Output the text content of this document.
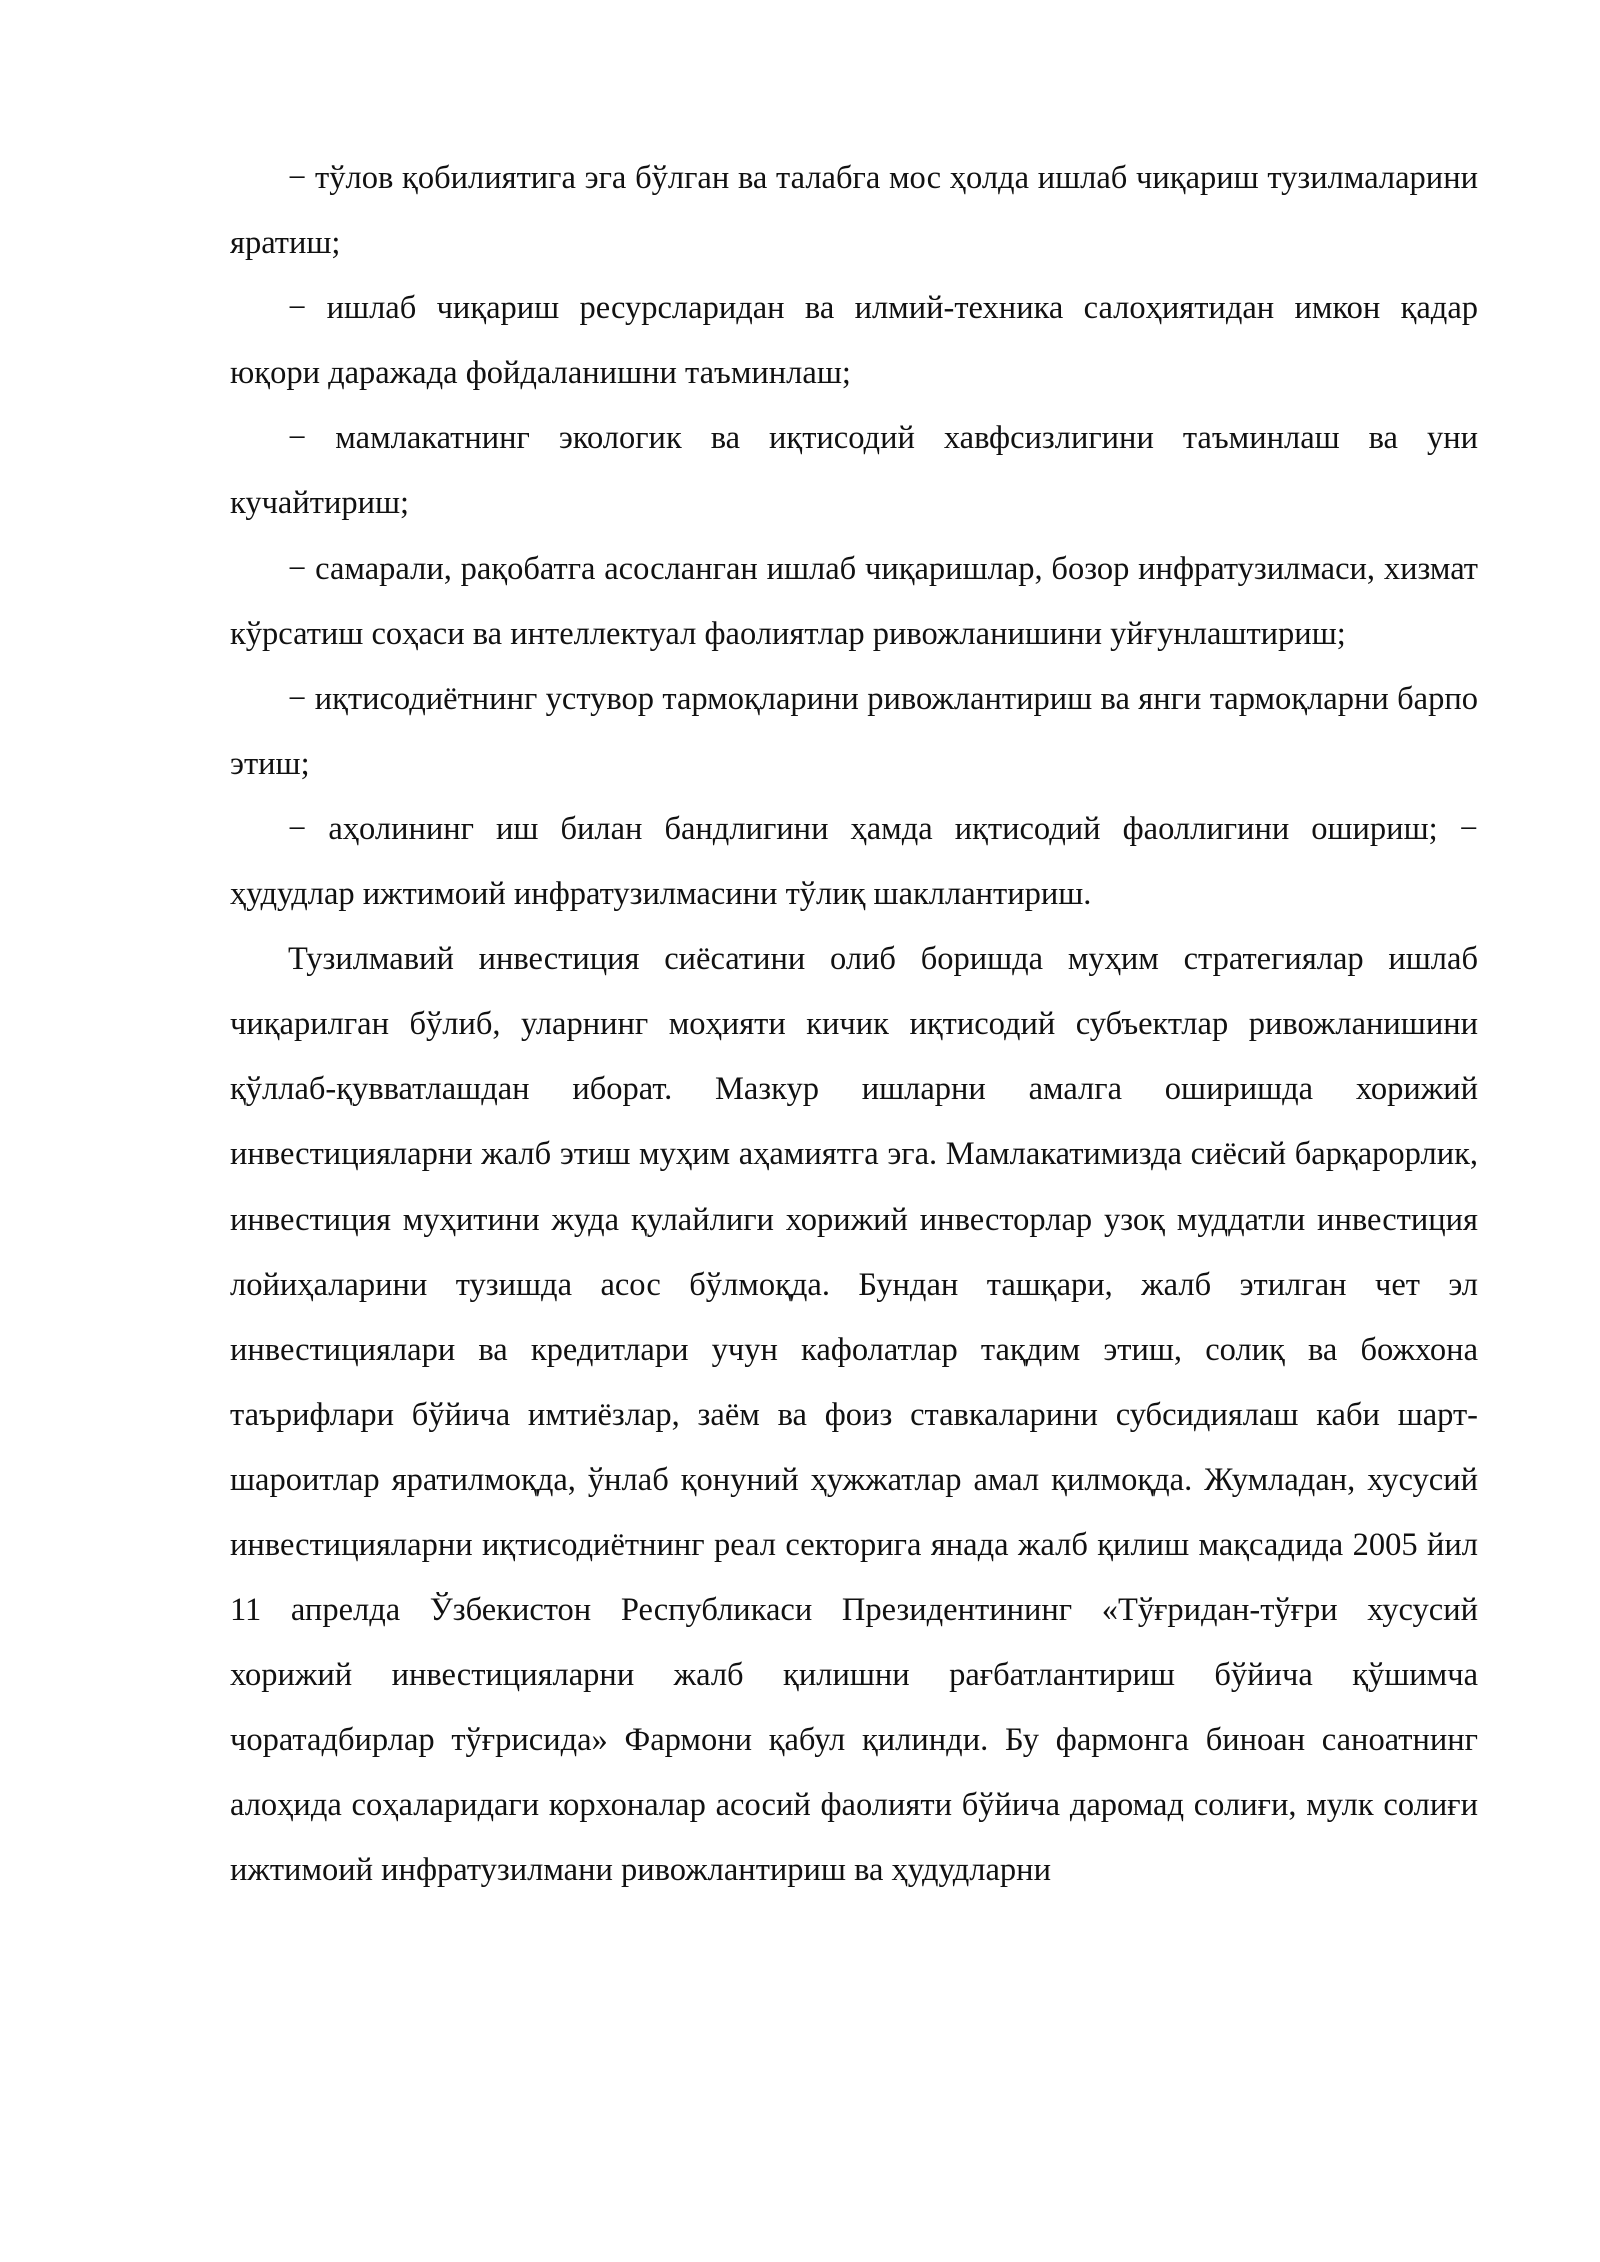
− тўлов қобилиятига эга бўлган ва талабга мос ҳолда ишлаб чиқариш тузилмаларини яратиш;

− ишлаб чиқариш ресурсларидан ва илмий-техника салоҳиятидан имкон қадар юқори даражада фойдаланишни таъминлаш;

− мамлакатнинг экологик ва иқтисодий хавфсизлигини таъминлаш ва уни кучайтириш;

− самарали, рақобатга асосланган ишлаб чиқаришлар, бозор инфратузилмаси, хизмат кўрсатиш соҳаси ва интеллектуал фаолиятлар ривожланишини уйғунлаштириш;

− иқтисодиётнинг устувор тармоқларини ривожлантириш ва янги тармоқларни барпо этиш;

− аҳолининг иш билан бандлигини ҳамда иқтисодий фаоллигини ошириш; − ҳудудлар ижтимоий инфратузилмасини тўлиқ шакллантириш.

Тузилмавий инвестиция сиёсатини олиб боришда муҳим стратегиялар ишлаб чиқарилган бўлиб, уларнинг моҳияти кичик иқтисодий субъектлар ривожланишини қўллаб-қувватлашдан иборат. Мазкур ишларни амалга оширишда хорижий инвестицияларни жалб этиш муҳим аҳамиятга эга. Мамлакатимизда сиёсий барқарорлик, инвестиция муҳитини жуда қулайлиги хорижий инвесторлар узоқ муддатли инвестиция лойиҳаларини тузишда асос бўлмоқда. Бундан ташқари, жалб этилган чет эл инвестициялари ва кредитлари учун кафолатлар тақдим этиш, солиқ ва божхона таърифлари бўйича имтиёзлар, заём ва фоиз ставкаларини субсидиялаш каби шарт-шароитлар яратилмоқда, ўнлаб қонуний ҳужжатлар амал қилмоқда. Жумладан, хусусий инвестицияларни иқтисодиётнинг реал секторига янада жалб қилиш мақсадида 2005 йил 11 апрелда Ўзбекистон Республикаси Президентининг «Тўғридан-тўғри хусусий хорижий инвестицияларни жалб қилишни рағбатлантириш бўйича қўшимча чоратадбирлар тўғрисида» Фармони қабул қилинди. Бу фармонга биноан саноатнинг алоҳида соҳаларидаги корхоналар асосий фаолияти бўйича даромад солиғи, мулк солиғи ижтимоий инфратузилмани ривожлантириш ва ҳудудларни
